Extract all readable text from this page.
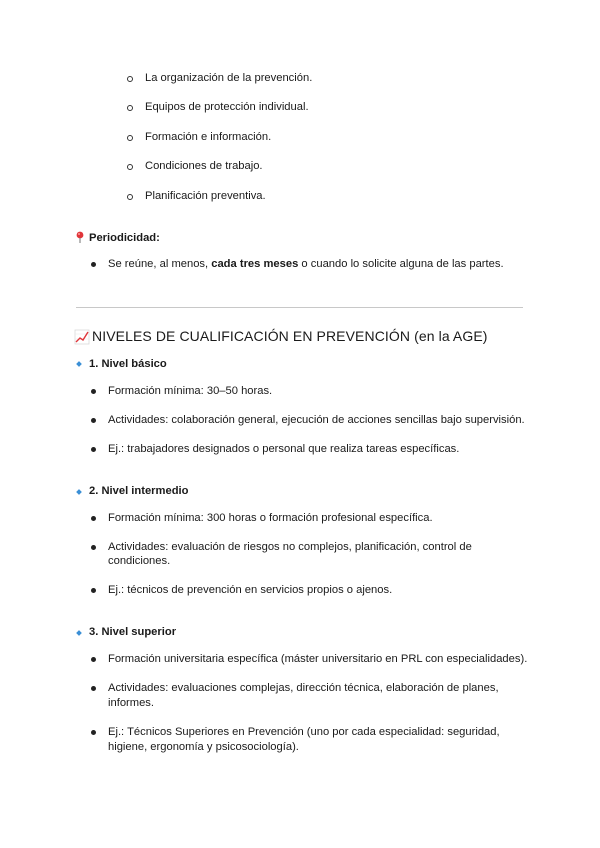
La organización de la prevención.
Equipos de protección individual.
Formación e información.
Condiciones de trabajo.
Planificación preventiva.
Periodicidad:
Se reúne, al menos, cada tres meses o cuando lo solicite alguna de las partes.
NIVELES DE CUALIFICACIÓN EN PREVENCIÓN (en la AGE)
1. Nivel básico
Formación mínima: 30–50 horas.
Actividades: colaboración general, ejecución de acciones sencillas bajo supervisión.
Ej.: trabajadores designados o personal que realiza tareas específicas.
2. Nivel intermedio
Formación mínima: 300 horas o formación profesional específica.
Actividades: evaluación de riesgos no complejos, planificación, control de
condiciones.
Ej.: técnicos de prevención en servicios propios o ajenos.
3. Nivel superior
Formación universitaria específica (máster universitario en PRL con especialidades).
Actividades: evaluaciones complejas, dirección técnica, elaboración de planes,
informes.
Ej.: Técnicos Superiores en Prevención (uno por cada especialidad: seguridad,
higiene, ergonomía y psicosociología).
